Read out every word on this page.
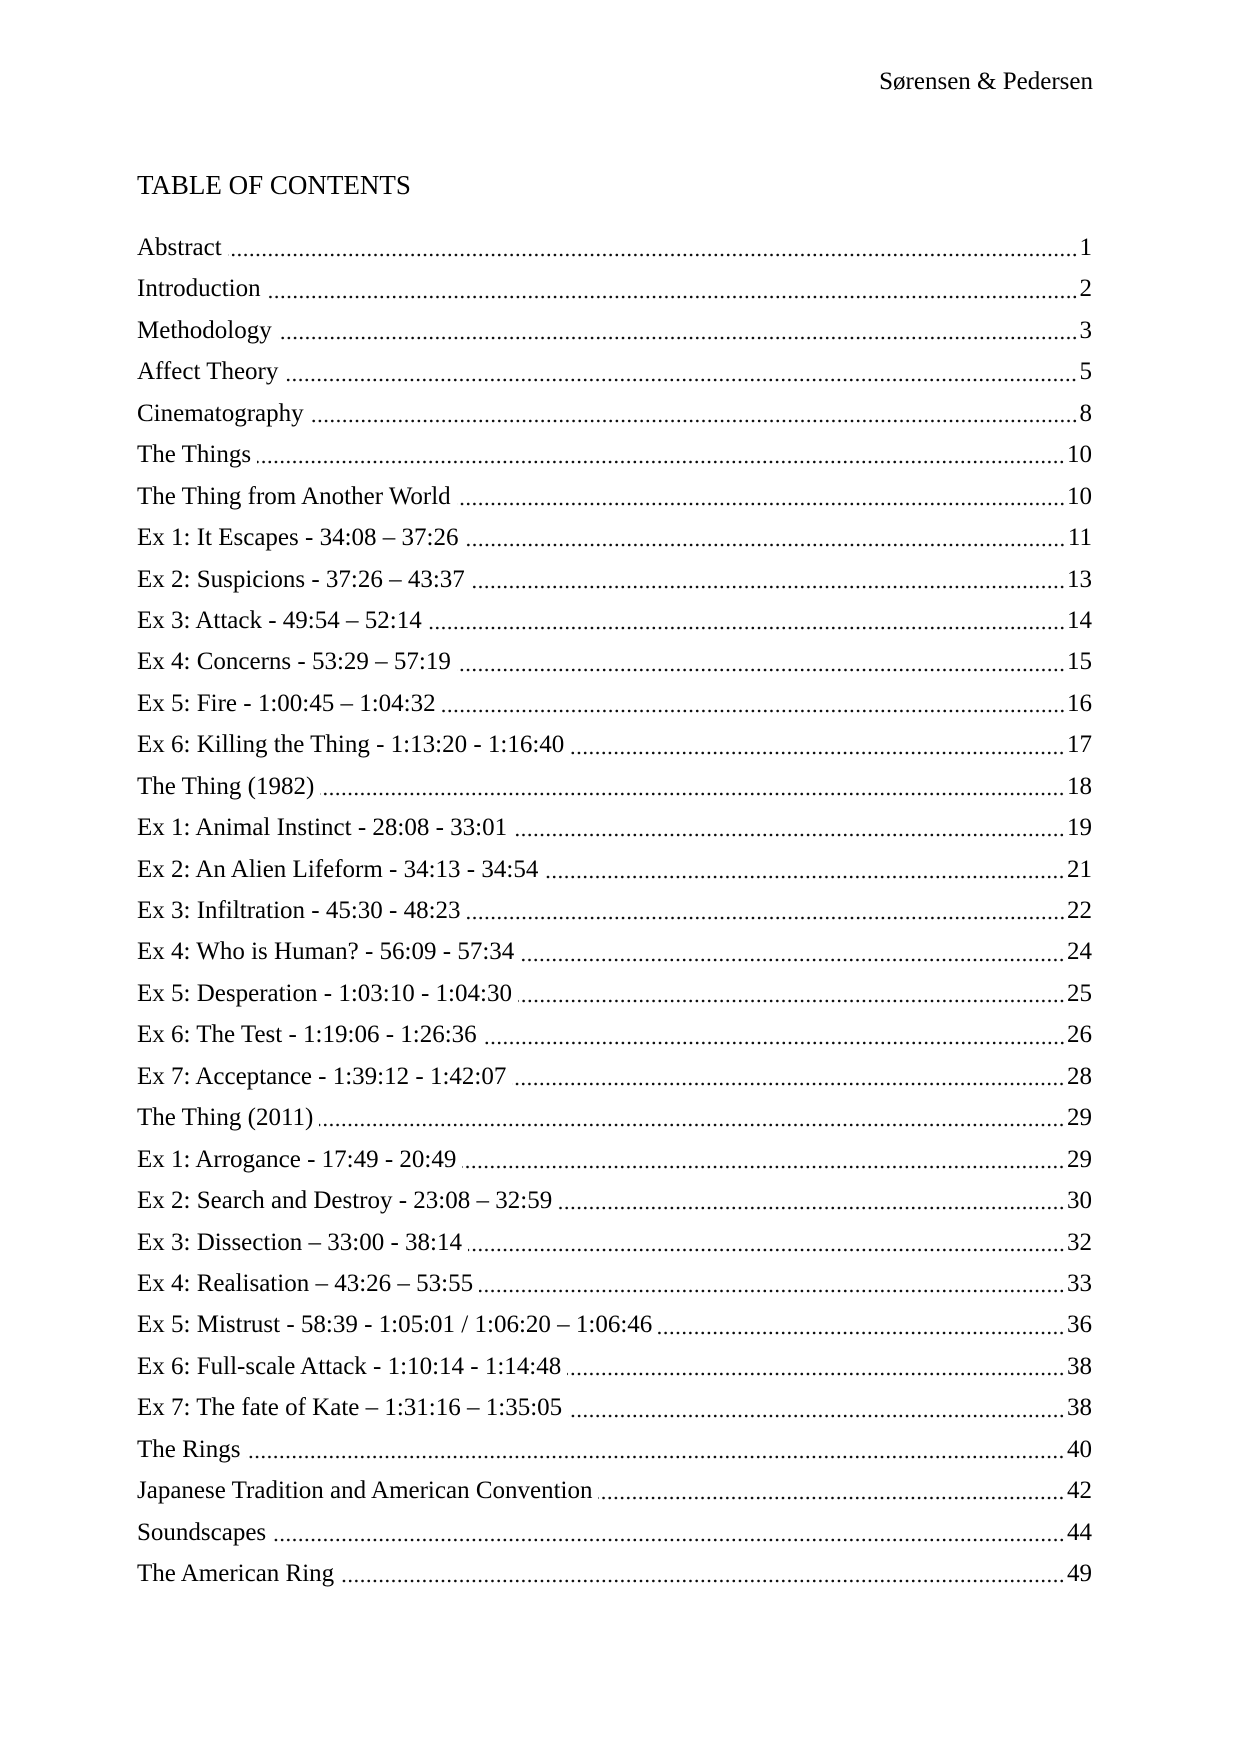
Sørensen & Pedersen
TABLE OF CONTENTS
Abstract	1
Introduction	2
Methodology	3
Affect Theory	5
Cinematography	8
The Things	10
The Thing from Another World	10
Ex 1: It Escapes - 34:08 – 37:26	11
Ex 2: Suspicions - 37:26 – 43:37	13
Ex 3: Attack - 49:54 – 52:14	14
Ex 4: Concerns - 53:29 – 57:19	15
Ex 5: Fire - 1:00:45 – 1:04:32	16
Ex 6: Killing the Thing - 1:13:20 - 1:16:40	17
The Thing (1982)	18
Ex 1: Animal Instinct - 28:08 - 33:01	19
Ex 2: An Alien Lifeform - 34:13 - 34:54	21
Ex 3: Infiltration - 45:30 - 48:23	22
Ex 4: Who is Human? - 56:09 - 57:34	24
Ex 5: Desperation - 1:03:10 - 1:04:30	25
Ex 6: The Test - 1:19:06 - 1:26:36	26
Ex 7: Acceptance - 1:39:12 - 1:42:07	28
The Thing (2011)	29
Ex 1: Arrogance - 17:49 - 20:49	29
Ex 2: Search and Destroy - 23:08 – 32:59	30
Ex 3: Dissection – 33:00 - 38:14	32
Ex 4: Realisation – 43:26 – 53:55	33
Ex 5: Mistrust - 58:39 - 1:05:01 / 1:06:20 – 1:06:46	36
Ex 6: Full-scale Attack - 1:10:14 - 1:14:48	38
Ex 7: The fate of Kate – 1:31:16 – 1:35:05	38
The Rings	40
Japanese Tradition and American Convention	42
Soundscapes	44
The American Ring	49
